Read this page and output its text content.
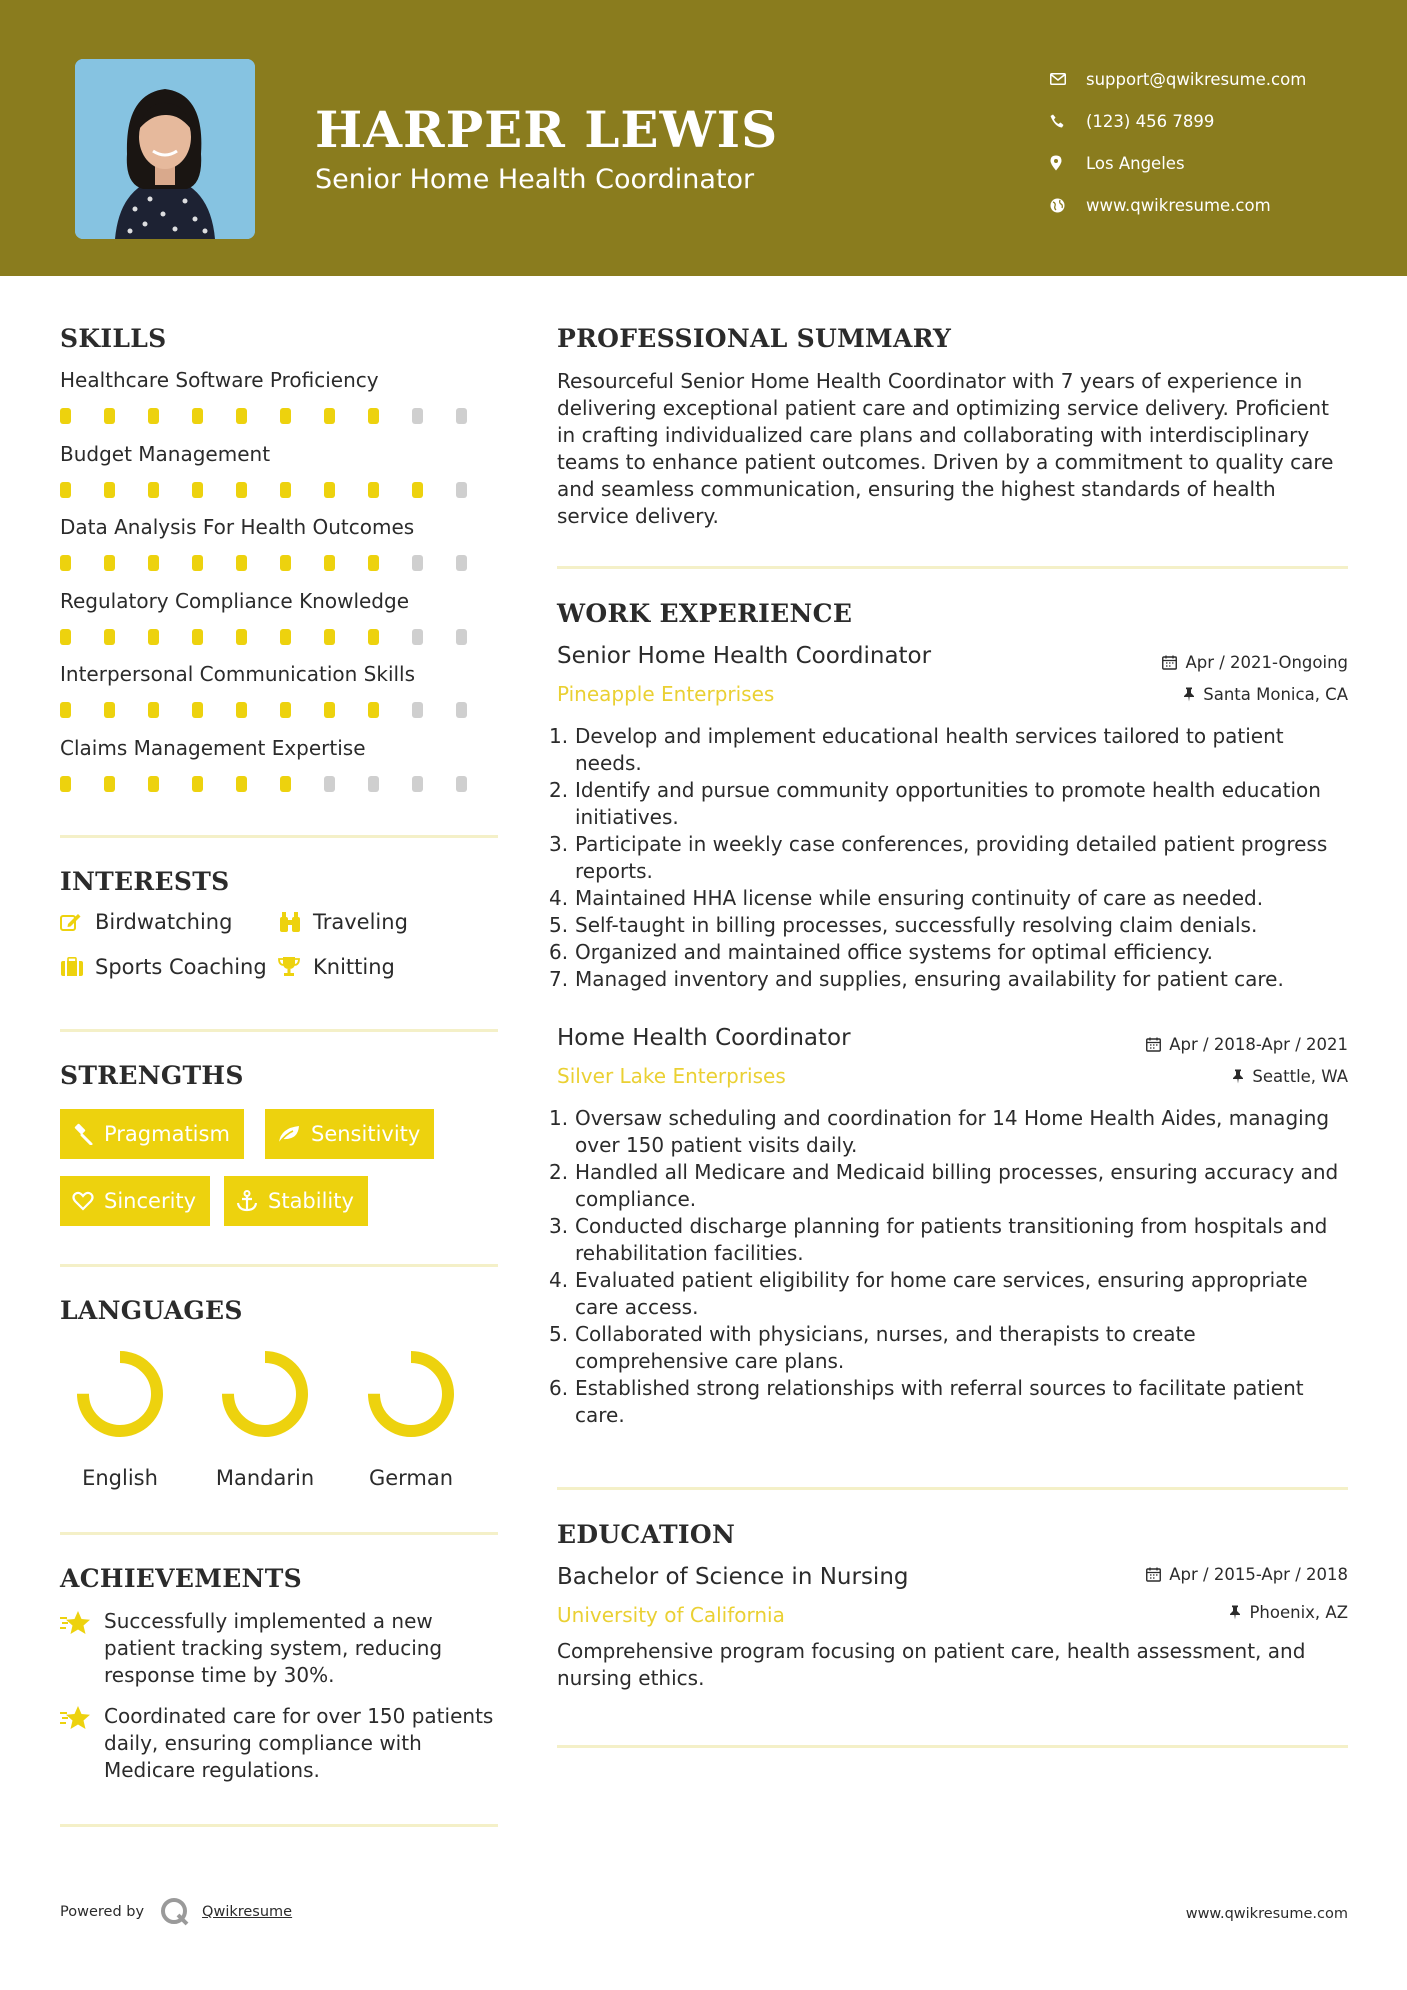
HARPER LEWIS
Senior Home Health Coordinator
support@qwikresume.com
(123) 456 7899
Los Angeles
www.qwikresume.com
SKILLS
Healthcare Software Proficiency
Budget Management
Data Analysis For Health Outcomes
Regulatory Compliance Knowledge
Interpersonal Communication Skills
Claims Management Expertise
INTERESTS
Birdwatching	Traveling
Sports Coaching Knitting
STRENGTHS
Pragmatism	Sensitivity
Sincerity	Stability
LANGUAGES
English	Mandarin	German
ACHIEVEMENTS
Successfully implemented a new patient tracking system, reducing response time by 30%.
Coordinated care for over 150 patients daily, ensuring compliance with Medicare regulations.
PROFESSIONAL SUMMARY
Resourceful Senior Home Health Coordinator with 7 years of experience in delivering exceptional patient care and optimizing service delivery. Proficient in crafting individualized care plans and collaborating with interdisciplinary teams to enhance patient outcomes. Driven by a commitment to quality care and seamless communication, ensuring the highest standards of health service delivery.
WORK EXPERIENCE
Senior Home Health Coordinator	Apr / 2021-Ongoing
Pineapple Enterprises	Santa Monica, CA
1. Develop and implement educational health services tailored to patient needs.
2. Identify and pursue community opportunities to promote health education initiatives.
3. Participate in weekly case conferences, providing detailed patient progress reports.
4. Maintained HHA license while ensuring continuity of care as needed.
5. Self-taught in billing processes, successfully resolving claim denials.
6. Organized and maintained office systems for optimal efficiency.
7. Managed inventory and supplies, ensuring availability for patient care.
Home Health Coordinator	Apr / 2018-Apr / 2021
Silver Lake Enterprises	Seattle, WA
1. Oversaw scheduling and coordination for 14 Home Health Aides, managing over 150 patient visits daily.
2. Handled all Medicare and Medicaid billing processes, ensuring accuracy and compliance.
3. Conducted discharge planning for patients transitioning from hospitals and rehabilitation facilities.
4. Evaluated patient eligibility for home care services, ensuring appropriate care access.
5. Collaborated with physicians, nurses, and therapists to create comprehensive care plans.
6. Established strong relationships with referral sources to facilitate patient care.
EDUCATION
Bachelor of Science in Nursing	Apr / 2015-Apr / 2018
University of California	Phoenix, AZ
Comprehensive program focusing on patient care, health assessment, and nursing ethics.
Powered by	Qwikresume	www.qwikresume.com
